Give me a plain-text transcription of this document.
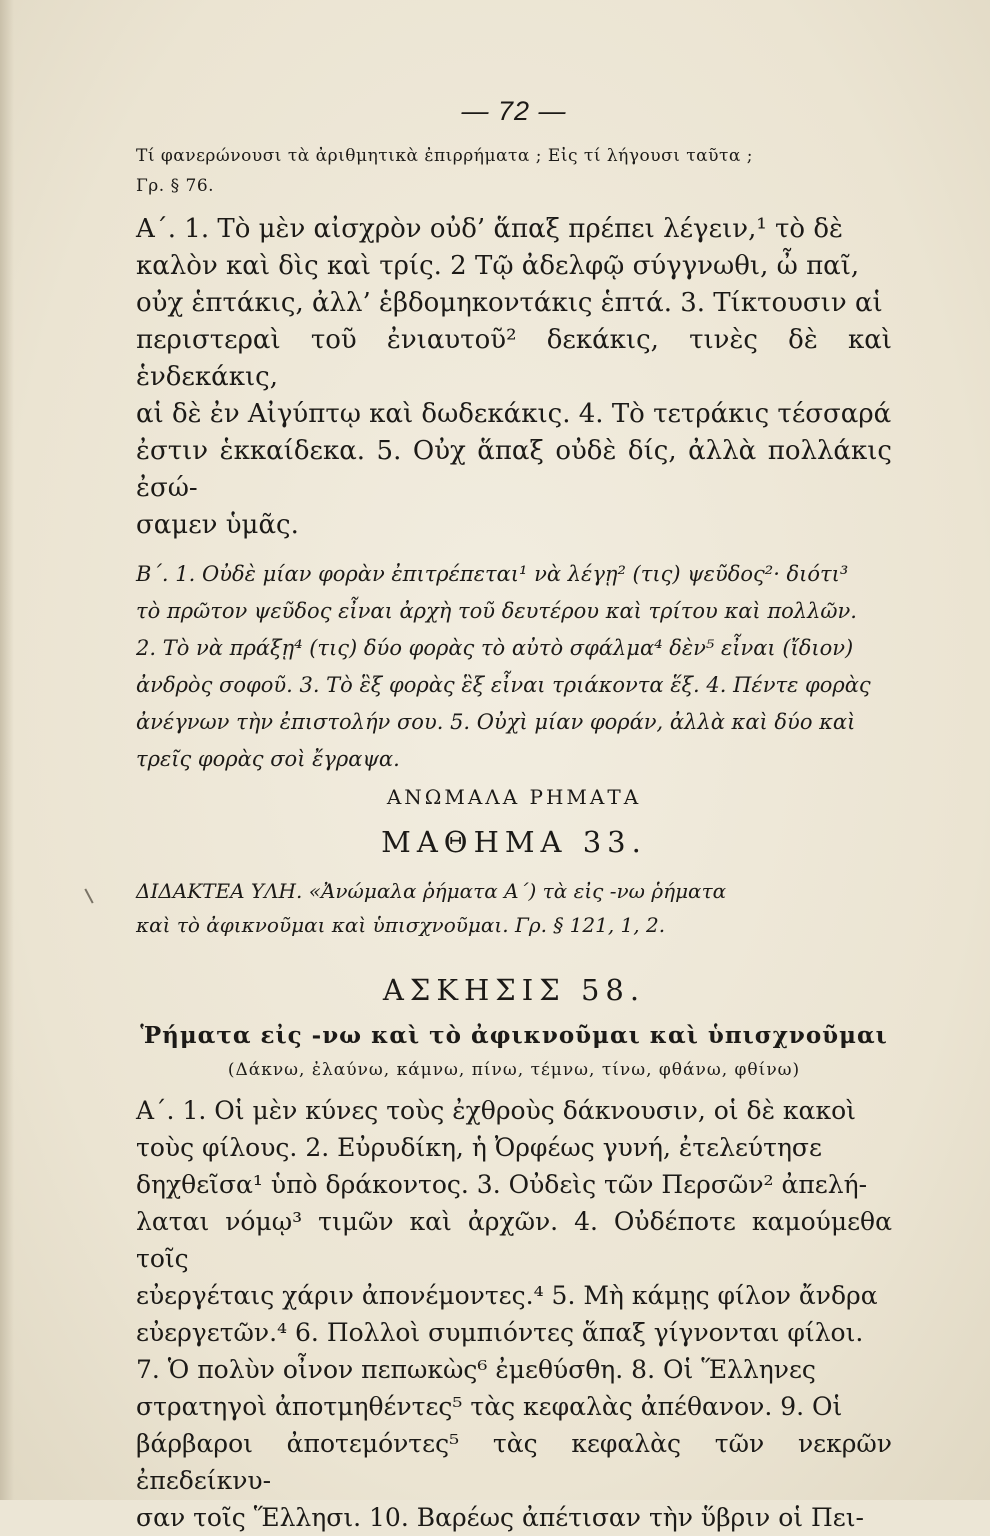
— 72 —
Τί φανερώνουσι τὰ ἀριθμητικὰ ἐπιρρήματα ; Εἰς τί λήγουσι ταῦτα ;
Γρ. § 76.
Α΄. 1. Τὸ μὲν αἰσχρὸν οὐδ’ ἅπαξ πρέπει λέγειν,¹ τὸ δὲ
καλὸν καὶ δὶς καὶ τρίς. 2 Τῷ ἀδελφῷ σύγγνωθι, ὦ παῖ,
οὐχ ἑπτάκις, ἀλλ’ ἑβδομηκοντάκις ἑπτά. 3. Τίκτουσιν αἱ
περιστεραὶ τοῦ ἐνιαυτοῦ² δεκάκις, τινὲς δὲ καὶ ἑνδεκάκις,
αἱ δὲ ἐν Αἰγύπτῳ καὶ δωδεκάκις. 4. Τὸ τετράκις τέσσαρά
ἐστιν ἑκκαίδεκα. 5. Οὐχ ἅπαξ οὐδὲ δίς, ἀλλὰ πολλάκις ἐσώ-
σαμεν ὑμᾶς.
Β΄. 1. Οὐδὲ μίαν φορὰν ἐπιτρέπεται¹ νὰ λέγῃ² (τις) ψεῦδος²· διότι³
τὸ πρῶτον ψεῦδος εἶναι ἀρχὴ τοῦ δευτέρου καὶ τρίτου καὶ πολλῶν.
2. Τὸ νὰ πράξῃ⁴ (τις) δύο φορὰς τὸ αὐτὸ σφάλμα⁴ δὲν⁵ εἶναι (ἴδιον)
ἀνδρὸς σοφοῦ. 3. Τὸ ἓξ φορὰς ἓξ εἶναι τριάκοντα ἕξ. 4. Πέντε φορὰς
ἀνέγνων τὴν ἐπιστολήν σου. 5. Οὐχὶ μίαν φοράν, ἀλλὰ καὶ δύο καὶ
τρεῖς φορὰς σοὶ ἔγραψα.
ΑΝΩΜΑΛΑ ΡΗΜΑΤΑ
ΜΑΘΗΜΑ 33.
ΔΙΔΑΚΤΕΑ ΥΛΗ. «Ἀνώμαλα ῥήματα Α΄) τὰ εἰς -νω ῥήματα
καὶ τὸ ἀφικνοῦμαι καὶ ὑπισχνοῦμαι. Γρ. § 121, 1, 2.
ΑΣΚΗΣΙΣ 58.
Ῥήματα εἰς -νω καὶ τὸ ἀφικνοῦμαι καὶ ὑπισχνοῦμαι
(Δάκνω, ἐλαύνω, κάμνω, πίνω, τέμνω, τίνω, φθάνω, φθίνω)
Α΄. 1. Οἱ μὲν κύνες τοὺς ἐχθροὺς δάκνουσιν, οἱ δὲ κακοὶ
τοὺς φίλους. 2. Εὐρυδίκη, ἡ Ὀρφέως γυνή, ἐτελεύτησε
δηχθεῖσα¹ ὑπὸ δράκοντος. 3. Οὐδεὶς τῶν Περσῶν² ἀπελή-
λαται νόμῳ³ τιμῶν καὶ ἀρχῶν. 4. Οὐδέποτε καμούμεθα τοῖς
εὐεργέταις χάριν ἀπονέμοντες.⁴ 5. Μὴ κάμῃς φίλον ἄνδρα
εὐεργετῶν.⁴ 6. Πολλοὶ συμπιόντες ἅπαξ γίγνονται φίλοι.
7. Ὁ πολὺν οἶνον πεπωκὼς⁶ ἐμεθύσθη. 8. Οἱ Ἕλληνες
στρατηγοὶ ἀποτμηθέντες⁵ τὰς κεφαλὰς ἀπέθανον. 9. Οἱ
βάρβαροι ἀποτεμόντες⁵ τὰς κεφαλὰς τῶν νεκρῶν ἐπεδείκνυ-
σαν τοῖς Ἕλλησι. 10. Βαρέως ἀπέτισαν τὴν ὕβριν οἱ Πει-
